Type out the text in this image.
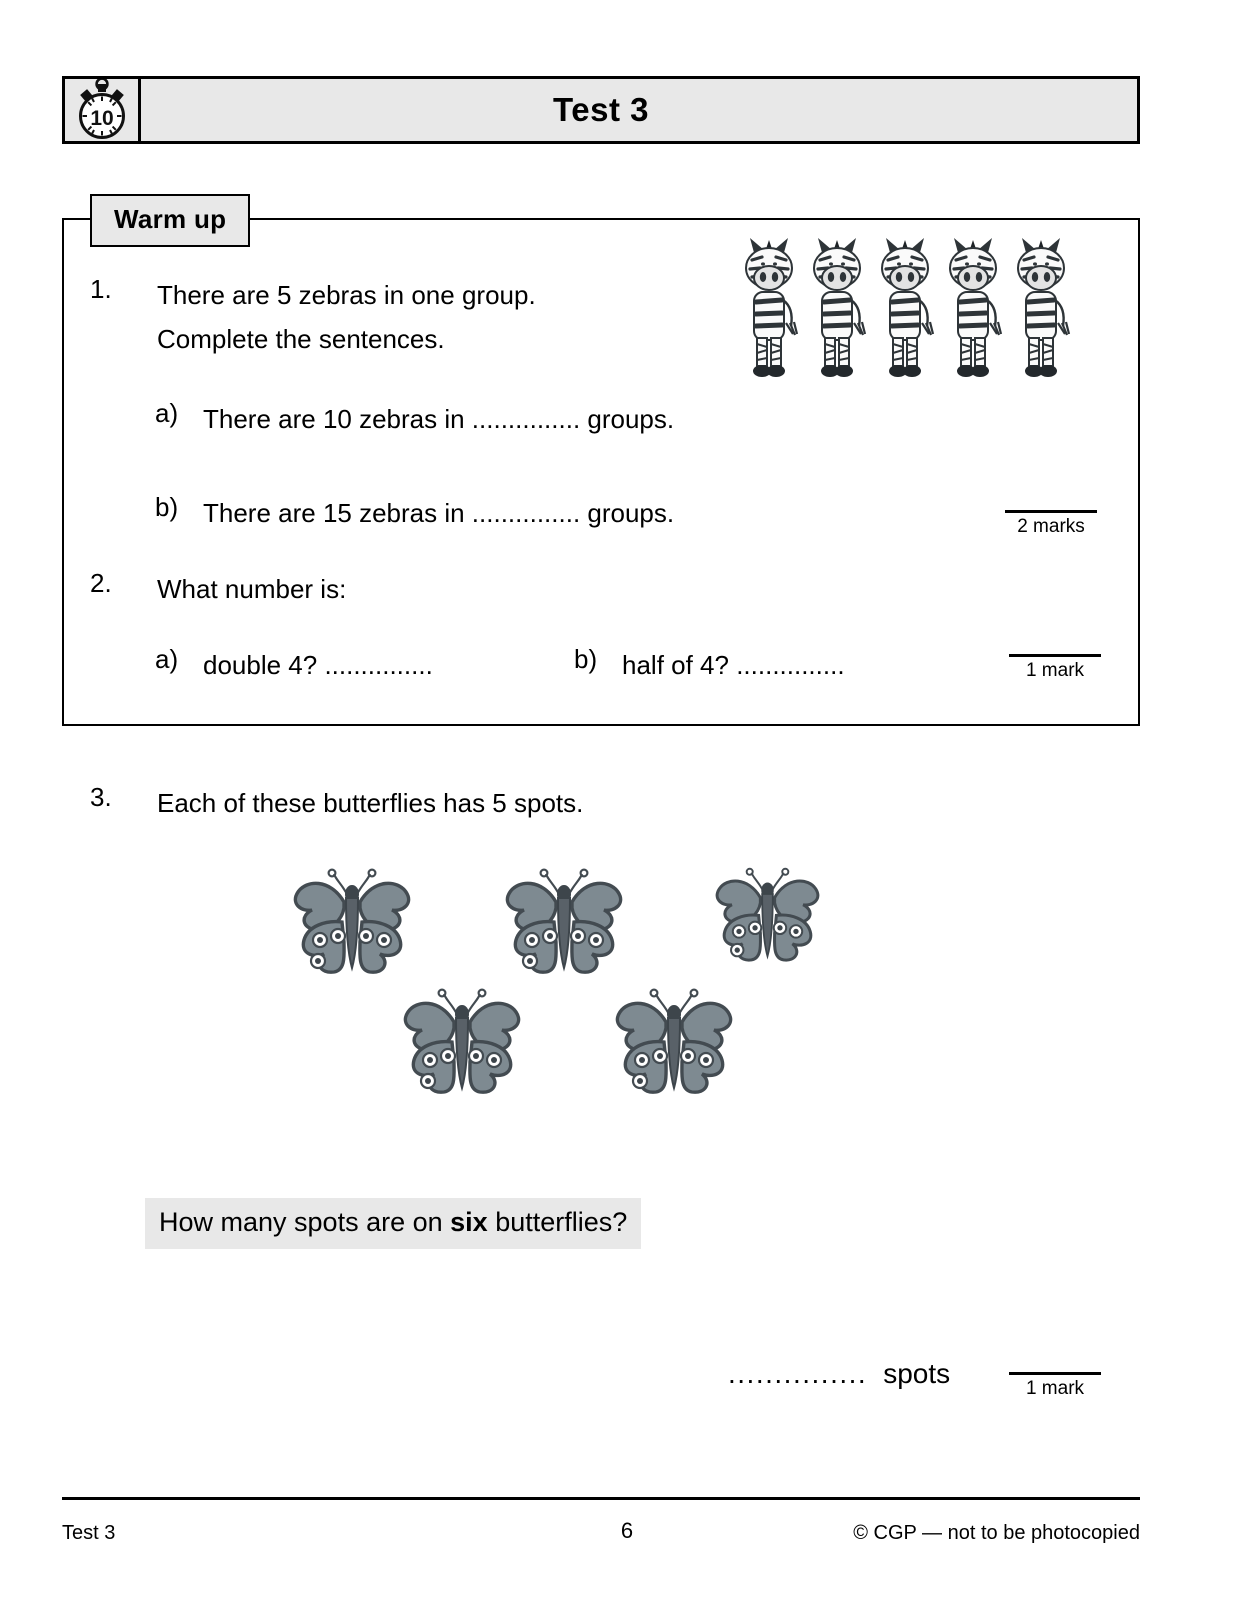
10	Test 3
Warm up
1. There are 5 zebras in one group.
Complete the sentences.
a) There are 10 zebras in ............... groups.
b) There are 15 zebras in ............... groups.	2 marks
2. What number is:
a) double 4? ...............	b) half of 4? ...............	1 mark
3. Each of these butterflies has 5 spots.
How many spots are on six butterflies?
............... spots	1 mark
Test 3	6	© CGP — not to be photocopied
